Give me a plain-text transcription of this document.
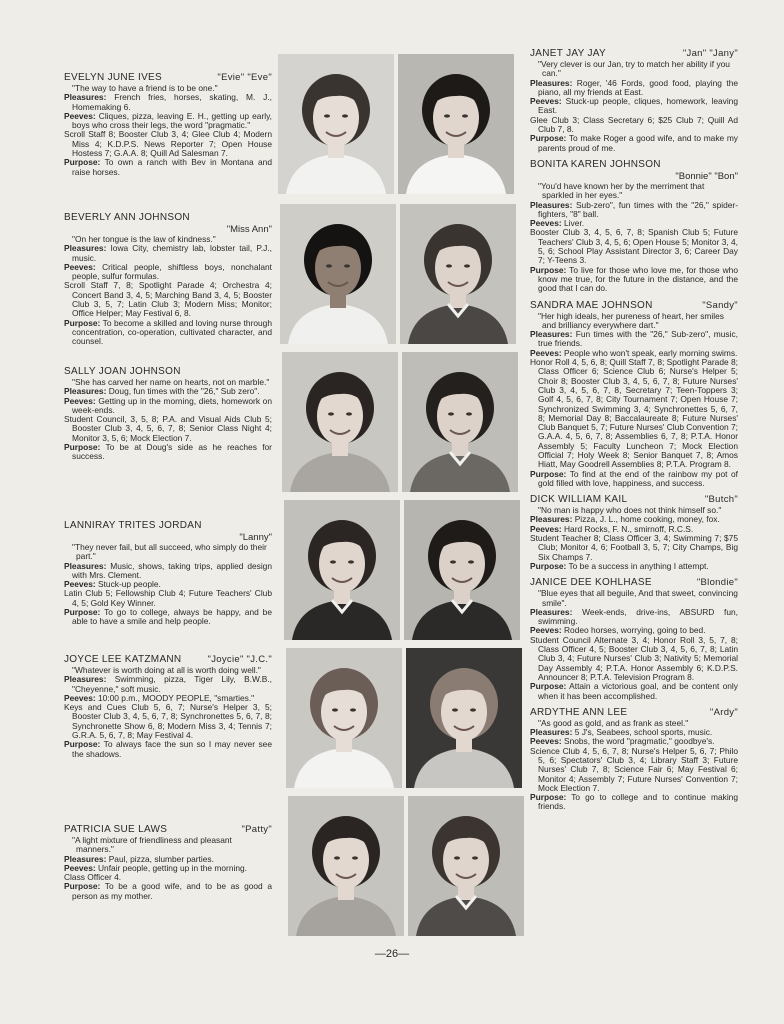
"Evie" "Eve"
EVELYN JUNE IVES
"The way to have a friend is to be one."
Pleasures: French fries, horses, skating, M. J., Homemaking 6.
Peeves: Cliques, pizza, leaving E. H., getting up early, boys who cross their legs, the word "pragmatic."
Scroll Staff 8; Booster Club 3, 4; Glee Club 4; Modern Miss 4; K.D.P.S. News Reporter 7; Open House Hostess 7; G.A.A. 8; Quill Ad Salesman 7.
Purpose: To own a ranch with Bev in Montana and raise horses.
BEVERLY ANN JOHNSON
"Miss Ann"
"On her tongue is the law of kindness."
Pleasures: Iowa City, chemistry lab, lobster tail, P.J., music.
Peeves: Critical people, shiftless boys, nonchalant people, sulfur formulas.
Scroll Staff 7, 8; Spotlight Parade 4; Orchestra 4; Concert Band 3, 4, 5; Marching Band 3, 4, 5; Booster Club 3, 5, 7; Latin Club 3; Modern Miss; Monitor; Office Helper; May Festival 6, 8.
Purpose: To become a skilled and loving nurse through concentration, co-operation, cultivated character, and counsel.
SALLY JOAN JOHNSON
"She has carved her name on hearts, not on marble."
Pleasures: Doug, fun times with the "26," Sub zero".
Peeves: Getting up in the morning, diets, homework on week-ends.
Student Council, 3, 5, 8; P.A. and Visual Aids Club 5; Booster Club 3, 4, 5, 6, 7, 8; Senior Class Night 4; Monitor 3, 5, 6; Mock Election 7.
Purpose: To be at Doug's side as he reaches for success.
LANNIRAY TRITES JORDAN
"Lanny"
"They never fail, but all succeed, who simply do their part."
Pleasures: Music, shows, taking trips, applied design with Mrs. Clement.
Peeves: Stuck-up people.
Latin Club 5; Fellowship Club 4; Future Teachers' Club 4, 5; Gold Key Winner.
Purpose: To go to college, always be happy, and be able to have a smile and help people.
"Joycie" "J.C."
JOYCE LEE KATZMANN
"Whatever is worth doing at all is worth doing well."
Pleasures: Swimming, pizza, Tiger Lily, B.W.B., "Cheyenne," soft music.
Peeves: 10:00 p.m., MOODY PEOPLE, "smarties."
Keys and Cues Club 5, 6, 7; Nurse's Helper 3, 5; Booster Club 3, 4, 5, 6, 7, 8; Synchronettes 5, 6, 7, 8; Synchronette Show 6, 8; Modern Miss 3, 4; Tennis 7; G.R.A. 5, 6, 7, 8; May Festival 4.
Purpose: To always face the sun so I may never see the shadows.
"Patty"
PATRICIA SUE LAWS
"A light mixture of friendliness and pleasant manners."
Pleasures: Paul, pizza, slumber parties.
Peeves: Unfair people, getting up in the morning.
Class Officer 4.
Purpose: To be a good wife, and to be as good a person as my mother.
"Jan" "Jany"
JANET JAY JAY
"Very clever is our Jan, try to match her ability if you can."
Pleasures: Roger, '46 Fords, good food, playing the piano, all my friends at East.
Peeves: Stuck-up people, cliques, homework, leaving East.
Glee Club 3; Class Secretary 6; $25 Club 7; Quill Ad Club 7, 8.
Purpose: To make Roger a good wife, and to make my parents proud of me.
BONITA KAREN JOHNSON
"Bonnie" "Bon"
"You'd have known her by the merriment that sparkled in her eyes."
Pleasures: Sub-zero", fun times with the "26," spider-fighters, "8" ball.
Peeves: Liver.
Booster Club 3, 4, 5, 6, 7, 8; Spanish Club 5; Future Teachers' Club 3, 4, 5, 6; Open House 5; Monitor 3, 4, 5, 6; School Play Assistant Director 3, 6; Career Day 7; Y-Teens 3.
Purpose: To live for those who love me, for those who know me true, for the future in the distance, and the good that I can do.
"Sandy"
SANDRA MAE JOHNSON
"Her high ideals, her pureness of heart, her smiles and brilliancy everywhere dart."
Pleasures: Fun times with the "26," Sub-zero", music, true friends.
Peeves: People who won't speak, early morning swims.
Honor Roll 4, 5, 6, 8; Quill Staff 7, 8; Spotlight Parade 8; Class Officer 6; Science Club 6; Nurse's Helper 5; Choir 8; Booster Club 3, 4, 5, 6, 7, 8; Future Nurses' Club 3, 4, 5, 6, 7, 8, Secretary 7; Teen-Toppers 3; Golf 4, 5, 6, 7, 8; City Tournament 7; Open House 7; Synchronized Swimming 3, 4; Synchronettes 5, 6, 7, 8; Memorial Day 8; Baccalaureate 8; Future Nurses' Club Banquet 5, 7; Future Nurses' Club Convention 7; G.A.A. 4, 5, 6, 7, 8; Assemblies 6, 7, 8; P.T.A. Honor Assembly 5; Faculty Luncheon 7; Mock Election Official 7; Holy Week 8; Senior Banquet 7, 8; Amos Hiatt, May Goodrell Assemblies 8; P.T.A. Program 8.
Purpose: To find at the end of the rainbow my pot of gold filled with love, happiness, and success.
"Butch"
DICK WILLIAM KAIL
"No man is happy who does not think himself so."
Pleasures: Pizza, J. L., home cooking, money, fox.
Peeves: Hard Rocks, F. N., smirnoff, R.C.S.
Student Teacher 8; Class Officer 3, 4; Swimming 7; $75 Club; Monitor 4, 6; Football 3, 5, 7; City Champs, Big Six Champs 7.
Purpose: To be a success in anything I attempt.
"Blondie"
JANICE DEE KOHLHASE
"Blue eyes that all beguile, And that sweet, convincing smile".
Pleasures: Week-ends, drive-ins, ABSURD fun, swimming.
Peeves: Rodeo horses, worrying, going to bed.
Student Council Alternate 3, 4; Honor Roll 3, 5, 7, 8; Class Officer 4, 5; Booster Club 3, 4, 5, 6, 7, 8; Latin Club 3, 4; Future Nurses' Club 3; Nativity 5; Memorial Day Assembly 4; P.T.A. Honor Assembly 6; K.D.P.S. Announcer 8; P.T.A. Television Program 8.
Purpose: Attain a victorious goal, and be content only when it has been accomplished.
"Ardy"
ARDYTHE ANN LEE
"As good as gold, and as frank as steel."
Pleasures: 5 J's, Seabees, school sports, music.
Peeves: Snobs, the word "pragmatic," goodbye's.
Science Club 4, 5, 6, 7, 8; Nurse's Helper 5, 6, 7; Philo 5, 6; Spectators' Club 3, 4; Library Staff 3; Future Nurses' Club 7, 8; Science Fair 6; May Festival 6; Monitor 4; Assembly 7; Future Nurses' Convention 7; Mock Election 7.
Purpose: To go to college and to continue making friends.
—26—
